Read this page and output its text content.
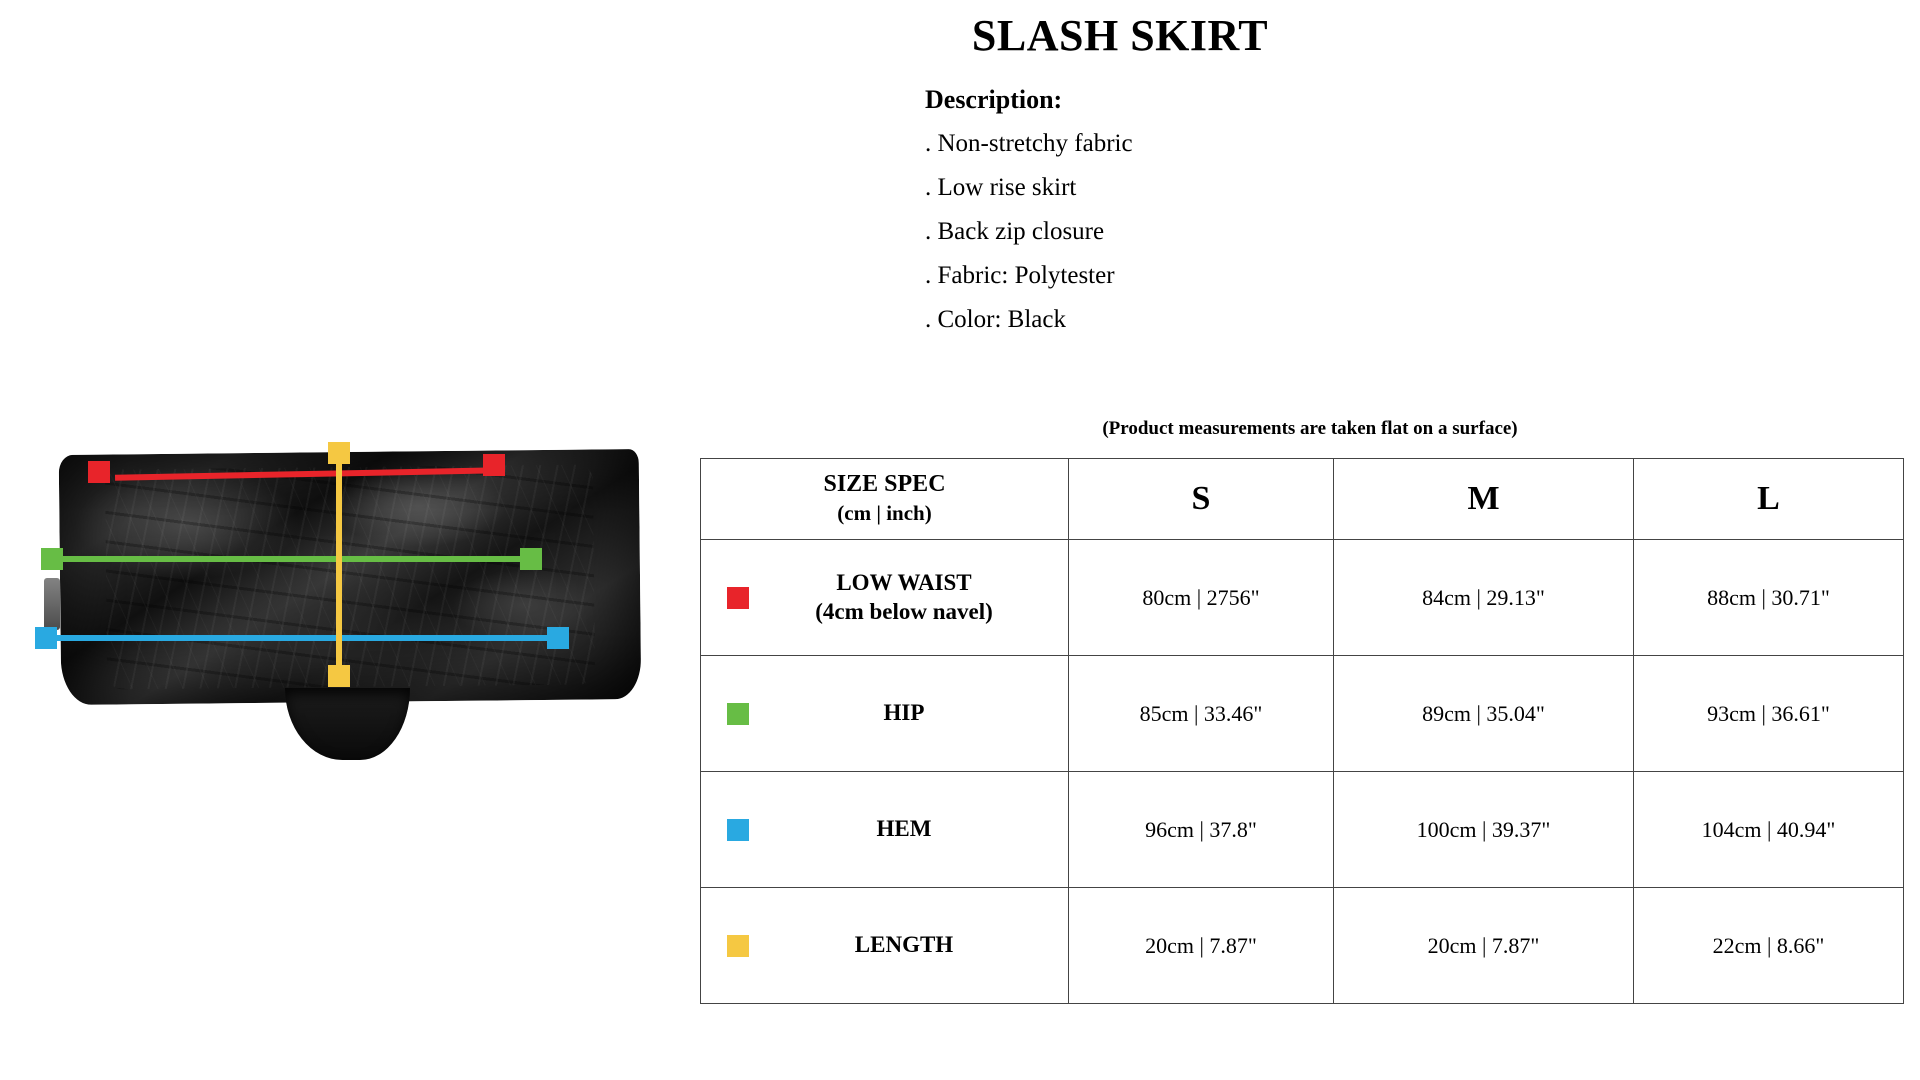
SLASH SKIRT
Description:
. Non-stretchy fabric
. Low rise skirt
. Back zip closure
. Fabric: Polytester
. Color: Black
(Product measurements are taken flat on a surface)
SIZE SPEC
(cm | inch)	S	M	L

LOW WAIST
(4cm below navel)	80cm | 2756"	84cm | 29.13"	88cm | 30.71"

HIP	85cm | 33.46"	89cm | 35.04"	93cm | 36.61"

HEM	96cm | 37.8"	100cm | 39.37"	104cm | 40.94"

LENGTH	20cm | 7.87"	20cm | 7.87"	22cm | 8.66"
